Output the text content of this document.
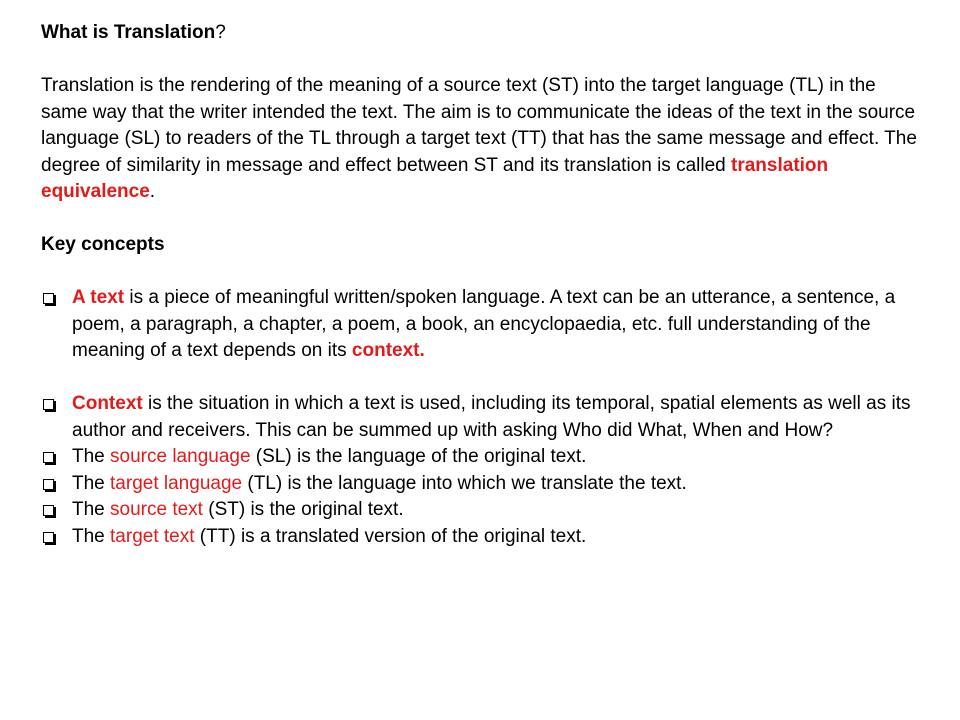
What is Translation?

Translation is the rendering of the meaning of a source text (ST) into the target language (TL) in the same way that the writer intended the text. The aim is to communicate the ideas of the text in the source language (SL) to readers of the TL through a target text (TT) that has the same message and effect. The degree of similarity in message and effect between ST and its translation is called translation equivalence.

Key concepts

A text is a piece of meaningful written/spoken language. A text can be an utterance, a sentence, a poem, a paragraph, a chapter, a poem, a book, an encyclopaedia, etc. full understanding of the meaning of a text depends on its context.
Context is the situation in which a text is used, including its temporal, spatial elements as well as its author and receivers. This can be summed up with asking Who did What, When and How?
The source language (SL) is the language of the original text.
The target language (TL) is the language into which we translate the text.
The source text (ST) is the original text.
The target text (TT) is a translated version of the original text.
